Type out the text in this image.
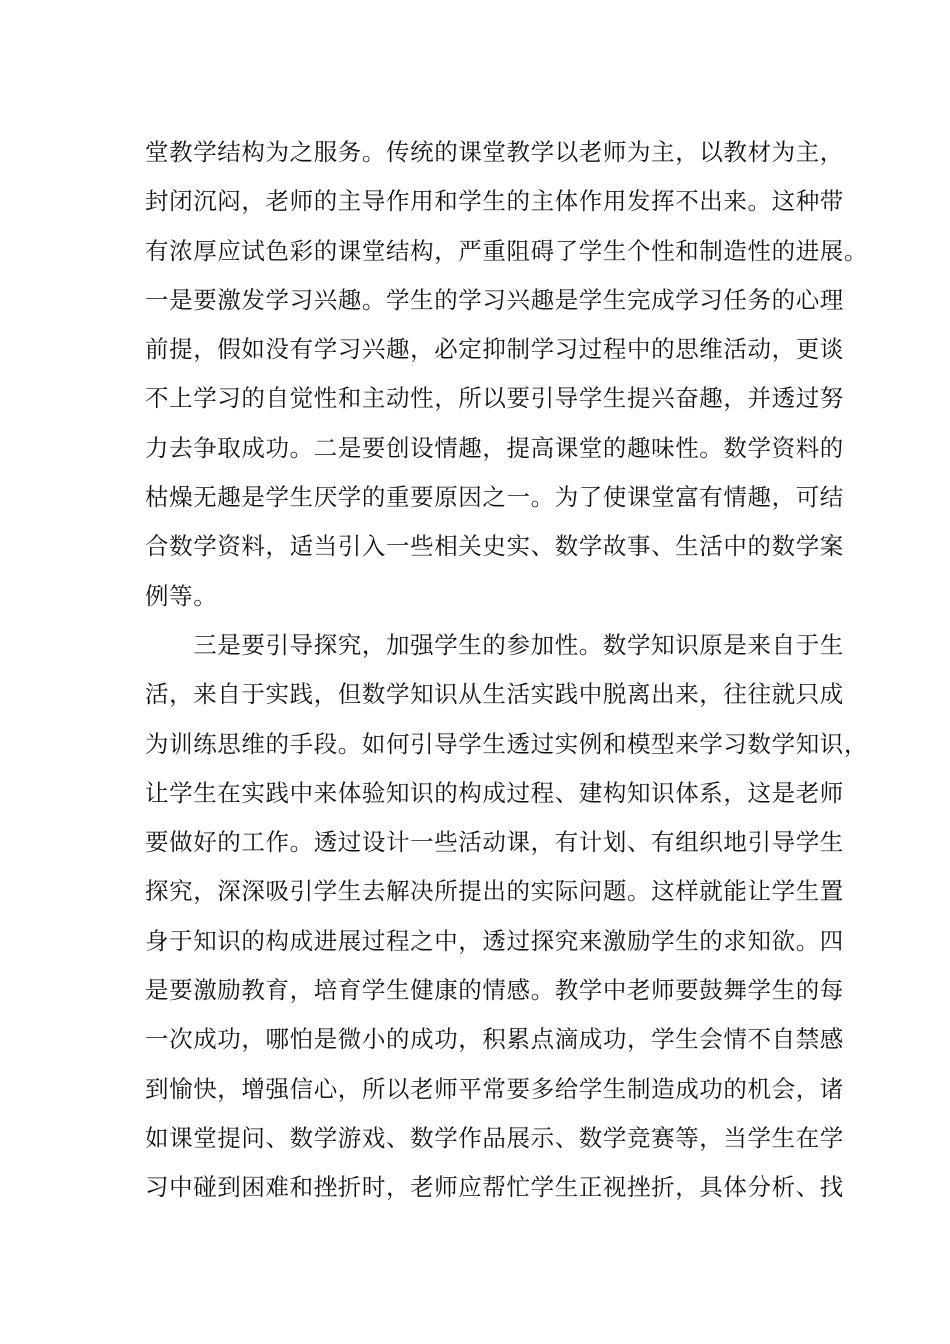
堂教学结构为之服务。传统的课堂教学以老师为主，以教材为主，
封闭沉闷，老师的主导作用和学生的主体作用发挥不出来。这种带
有浓厚应试色彩的课堂结构，严重阻碍了学生个性和制造性的进展。
一是要激发学习兴趣。学生的学习兴趣是学生完成学习任务的心理
前提，假如没有学习兴趣，必定抑制学习过程中的思维活动，更谈
不上学习的自觉性和主动性，所以要引导学生提兴奋趣，并透过努
力去争取成功。二是要创设情趣，提高课堂的趣味性。数学资料的
枯燥无趣是学生厌学的重要原因之一。为了使课堂富有情趣，可结
合数学资料，适当引入一些相关史实、数学故事、生活中的数学案
例等。
　　三是要引导探究，加强学生的参加性。数学知识原是来自于生
活，来自于实践，但数学知识从生活实践中脱离出来，往往就只成
为训练思维的手段。如何引导学生透过实例和模型来学习数学知识，
让学生在实践中来体验知识的构成过程、建构知识体系，这是老师
要做好的工作。透过设计一些活动课，有计划、有组织地引导学生
探究，深深吸引学生去解决所提出的实际问题。这样就能让学生置
身于知识的构成进展过程之中，透过探究来激励学生的求知欲。四
是要激励教育，培育学生健康的情感。教学中老师要鼓舞学生的每
一次成功，哪怕是微小的成功，积累点滴成功，学生会情不自禁感
到愉快，增强信心，所以老师平常要多给学生制造成功的机会，诸
如课堂提问、数学游戏、数学作品展示、数学竞赛等，当学生在学
习中碰到困难和挫折时，老师应帮忙学生正视挫折，具体分析、找
